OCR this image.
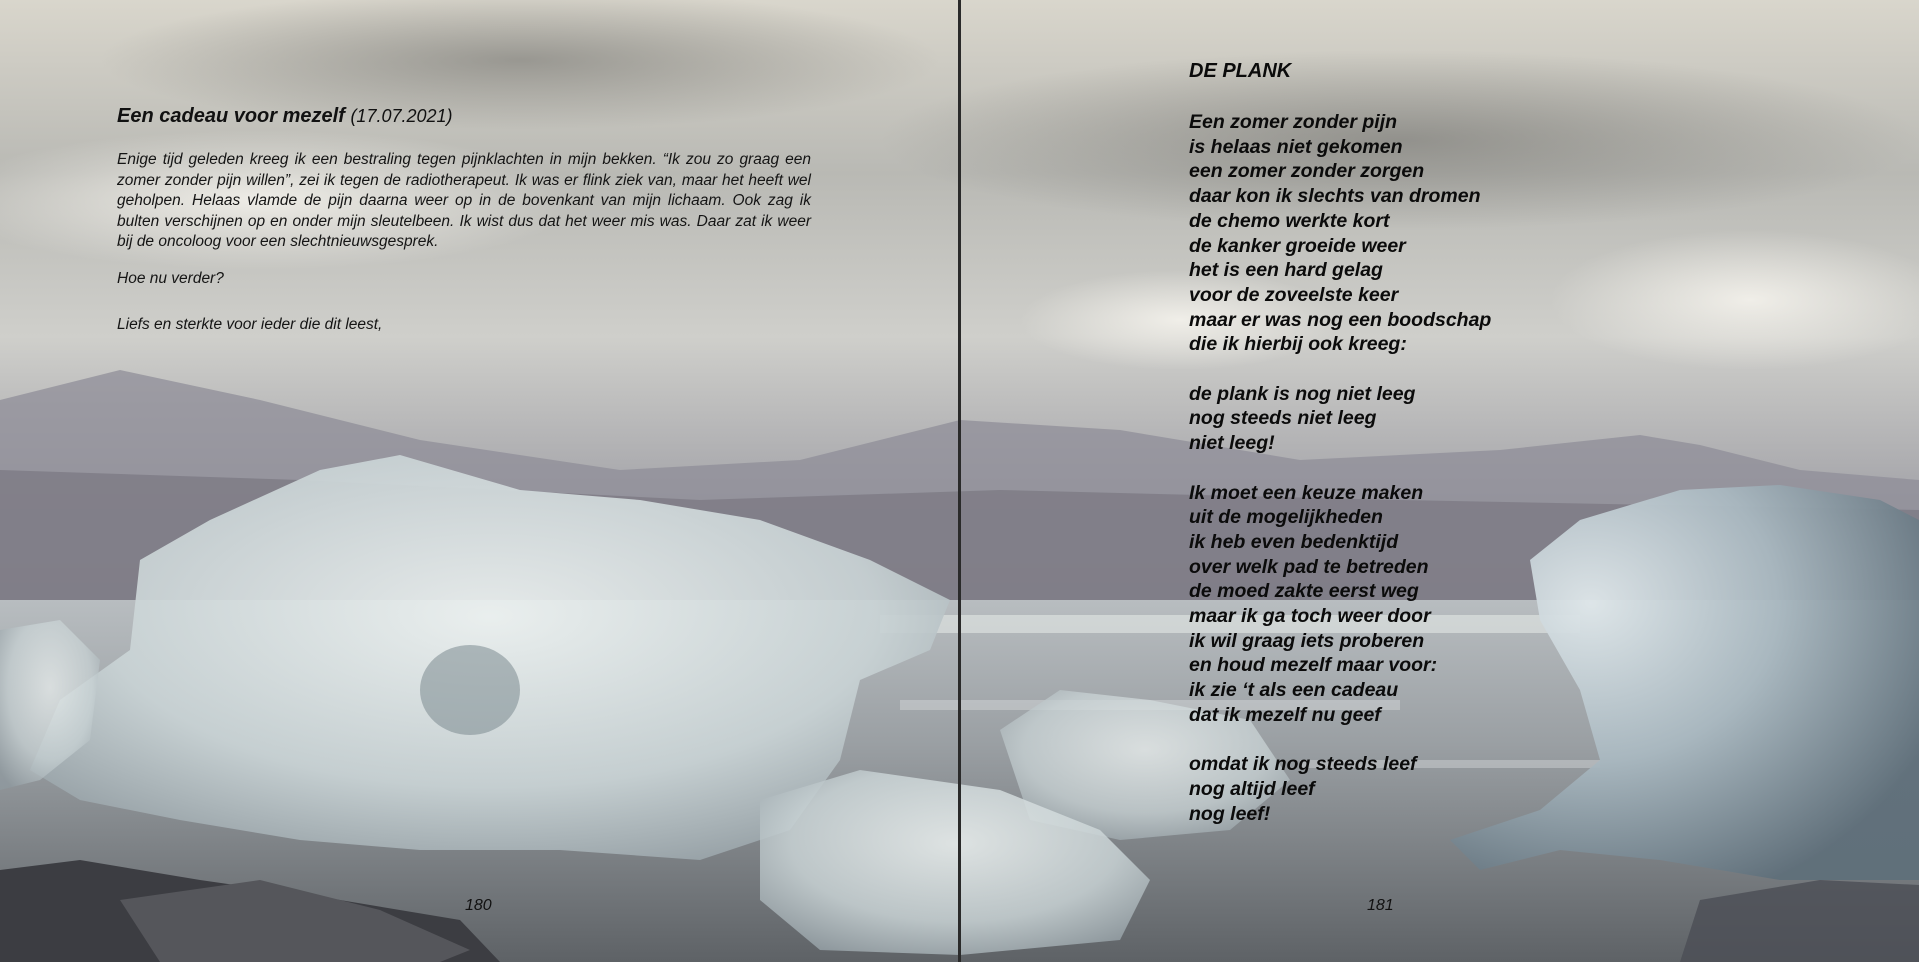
Een cadeau voor mezelf (17.07.2021)

Enige tijd geleden kreeg ik een bestraling tegen pijnklachten in mijn bekken. “Ik zou zo graag een zomer zonder pijn willen”, zei ik tegen de radiotherapeut. Ik was er flink ziek van, maar het heeft wel geholpen. Helaas vlamde de pijn daarna weer op in de bovenkant van mijn lichaam. Ook zag ik bulten verschijnen op en onder mijn sleutelbeen. Ik wist dus dat het weer mis was. Daar zat ik weer bij de oncoloog voor een slechtnieuwsgesprek.

Hoe nu verder?
Liefs en sterkte voor ieder die dit leest,
180
DE PLANK
Een zomer zonder pijn
is helaas niet gekomen
een zomer zonder zorgen
daar kon ik slechts van dromen
de chemo werkte kort
de kanker groeide weer
het is een hard gelag
voor de zoveelste keer
maar er was nog een boodschap
die ik hierbij ook kreeg:
de plank is nog niet leeg
nog steeds niet leeg
niet leeg!
Ik moet een keuze maken
uit de mogelijkheden
ik heb even bedenktijd
over welk pad te betreden
de moed zakte eerst weg
maar ik ga toch weer door
ik wil graag iets proberen
en houd mezelf maar voor:
ik zie ‘t als een cadeau
dat ik mezelf nu geef
omdat ik nog steeds leef
nog altijd leef
nog leef!
181
